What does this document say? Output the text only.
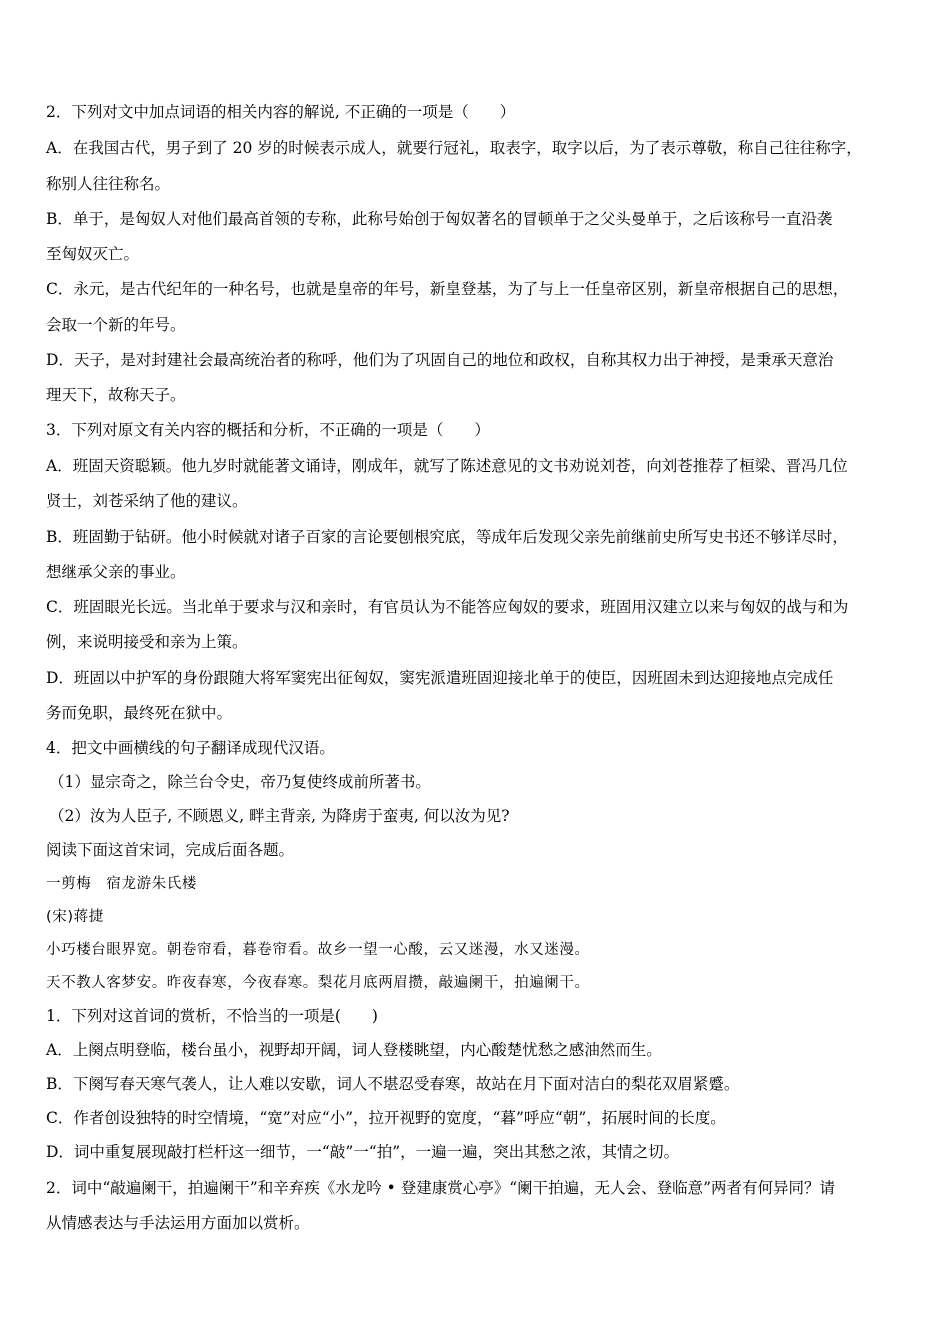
2．下列对文中加点词语的相关内容的解说, 不正确的一项是（　　）
A．在我国古代，男子到了 20 岁的时候表示成人，就要行冠礼，取表字，取字以后，为了表示尊敬，称自己往往称字，
称别人往往称名。
B．单于，是匈奴人对他们最高首领的专称，此称号始创于匈奴著名的冒顿单于之父头曼单于，之后该称号一直沿袭
至匈奴灭亡。
C．永元，是古代纪年的一种名号，也就是皇帝的年号，新皇登基，为了与上一任皇帝区别，新皇帝根据自己的思想，
会取一个新的年号。
D．天子，是对封建社会最高统治者的称呼，他们为了巩固自己的地位和政权，自称其权力出于神授，是秉承天意治
理天下，故称天子。
3．下列对原文有关内容的概括和分析，不正确的一项是（　　）
A．班固天资聪颖。他九岁时就能著文诵诗，刚成年，就写了陈述意见的文书劝说刘苍，向刘苍推荐了桓梁、晋冯几位
贤士，刘苍采纳了他的建议。
B．班固勤于钻研。他小时候就对诸子百家的言论要刨根究底，等成年后发现父亲先前继前史所写史书还不够详尽时，
想继承父亲的事业。
C．班固眼光长远。当北单于要求与汉和亲时，有官员认为不能答应匈奴的要求，班固用汉建立以来与匈奴的战与和为
例，来说明接受和亲为上策。
D．班固以中护军的身份跟随大将军窦宪出征匈奴，窦宪派遣班固迎接北单于的使臣，因班固未到达迎接地点完成任
务而免职，最终死在狱中。
4．把文中画横线的句子翻译成现代汉语。
（1）显宗奇之，除兰台令史，帝乃复使终成前所著书。
（2）汝为人臣子, 不顾恩义, 畔主背亲, 为降虏于蛮夷, 何以汝为见?
阅读下面这首宋词，完成后面各题。
一剪梅　宿龙游朱氏楼
(宋)蒋捷
小巧楼台眼界宽。朝卷帘看，暮卷帘看。故乡一望一心酸，云又迷漫，水又迷漫。
天不教人客梦安。昨夜春寒，今夜春寒。梨花月底两眉攒，敲遍阑干，拍遍阑干。
1．下列对这首词的赏析，不恰当的一项是(　　)
A．上阕点明登临，楼台虽小，视野却开阔，词人登楼眺望，内心酸楚忧愁之感油然而生。
B．下阕写春天寒气袭人，让人难以安歇，词人不堪忍受春寒，故站在月下面对洁白的梨花双眉紧蹙。
C．作者创设独特的时空情境，“宽”对应“小”，拉开视野的宽度，“暮”呼应“朝”，拓展时间的长度。
D．词中重复展现敲打栏杆这一细节，一“敲”一“拍”，一遍一遍，突出其愁之浓，其情之切。
2．词中“敲遍阑干，拍遍阑干”和辛弃疾《水龙吟 • 登建康赏心亭》“阑干拍遍，无人会、登临意”两者有何异同？请
从情感表达与手法运用方面加以赏析。
